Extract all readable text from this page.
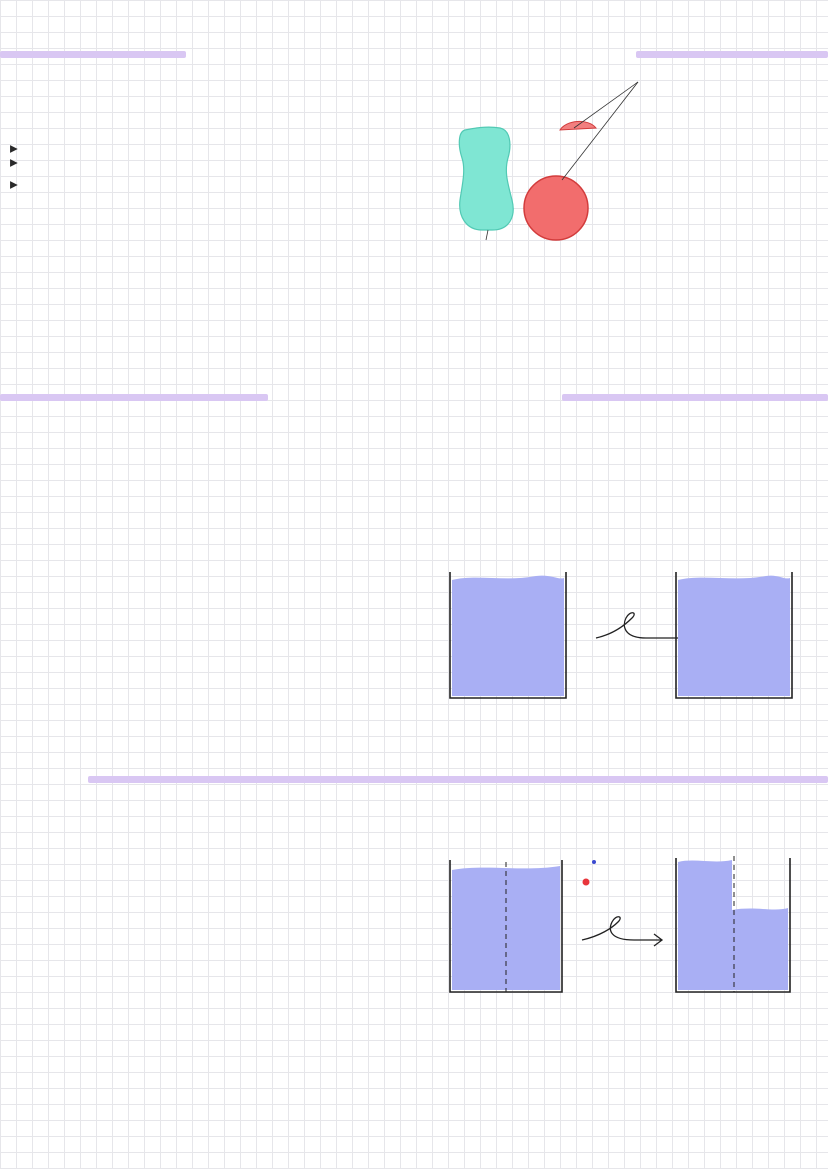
▸
▸
▸
